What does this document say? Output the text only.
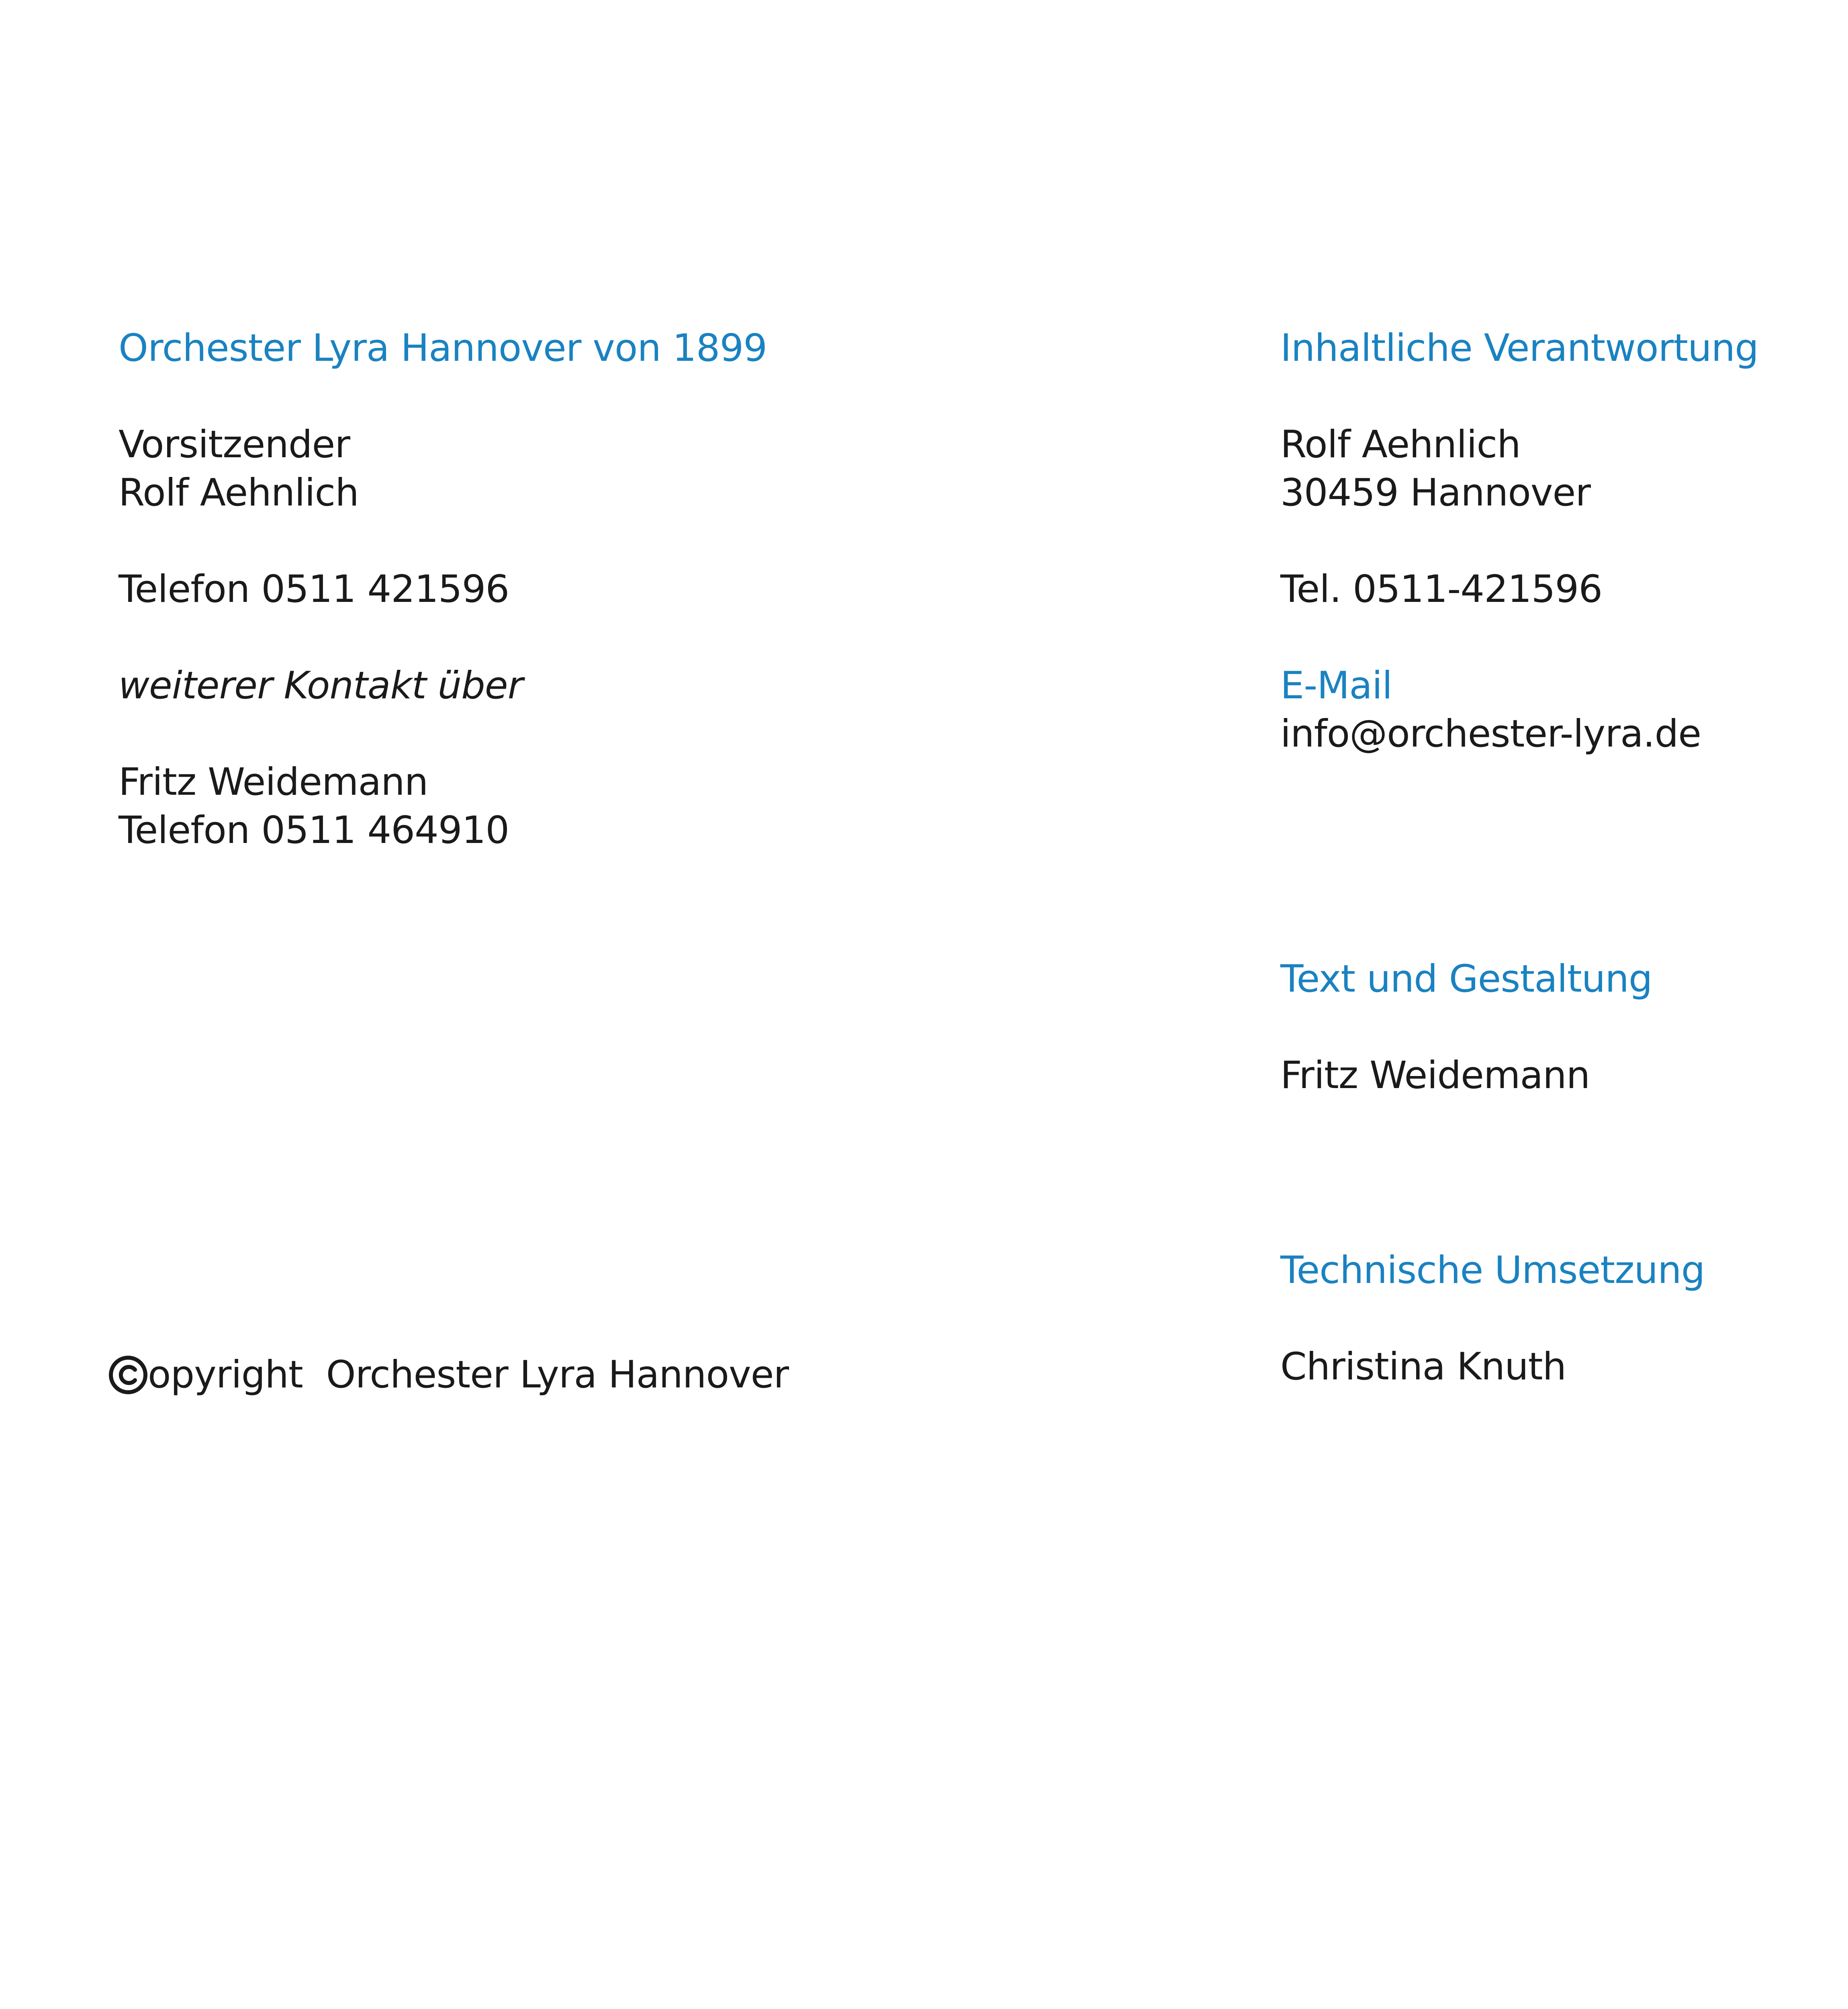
Orchester Lyra Hannover von 1899

Vorsitzender

Rolf Aehnlich

Telefon 0511 421596

weiterer Kontakt über

Fritz Weidemann

Telefon 0511 464910

opyright Orchester Lyra Hannover
Inhaltliche Verantwortung

Rolf Aehnlich

30459 Hannover

Tel. 0511-421596

E-Mail
info@orchester-lyra.de
Text und Gestaltung

Fritz Weidemann

Technische Umsetzung

Christina Knuth
